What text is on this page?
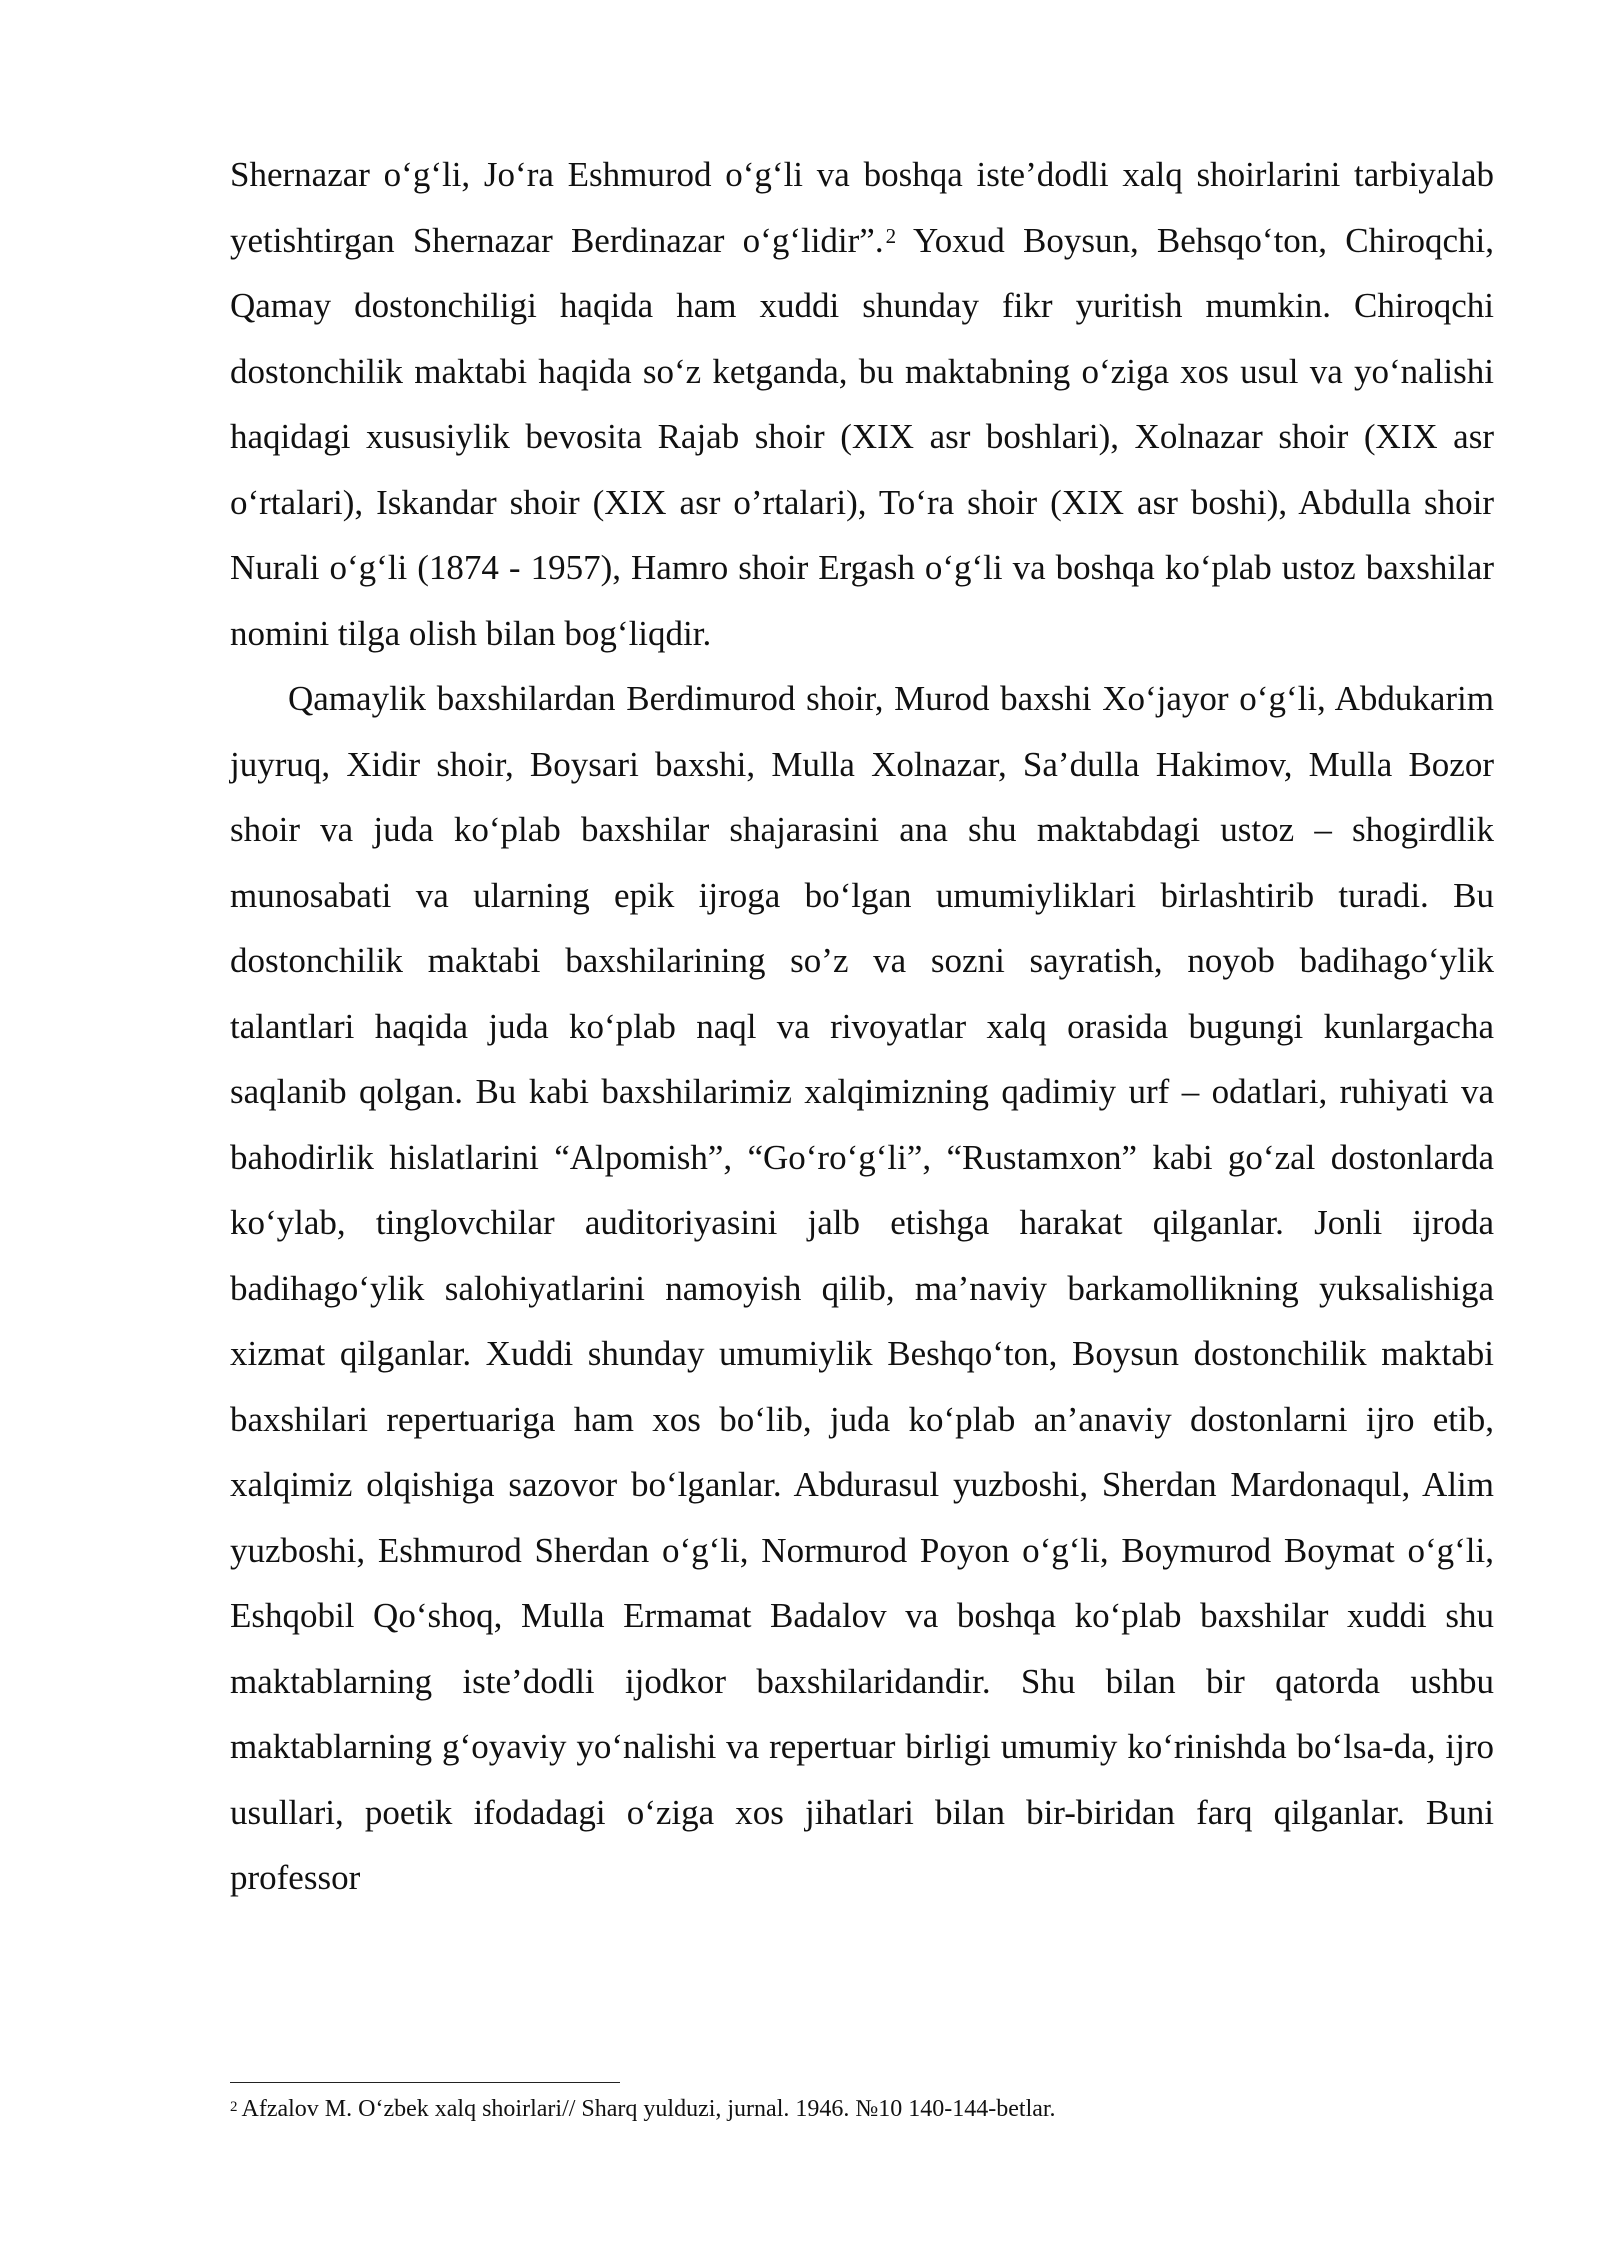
Shernazar o‘g‘li, Jo‘ra Eshmurod o‘g‘li va boshqa iste’dodli xalq shoirlarini tarbiyalab yetishtirgan Shernazar Berdinazar o‘g‘lidir”.$^2$ Yoxud Boysun, Behsqo‘ton, Chiroqchi, Qamay dostonchiligi haqida ham xuddi shunday fikr yuritish mumkin. Chiroqchi dostonchilik maktabi haqida so‘z ketganda, bu maktabning o‘ziga xos usul va yo‘nalishi haqidagi xususiylik bevosita Rajab shoir (XIX asr boshlari), Xolnazar shoir (XIX asr o‘rtalari), Iskandar shoir (XIX asr o’rtalari), To‘ra shoir (XIX asr boshi), Abdulla shoir Nurali o‘g‘li (1874 - 1957), Hamro shoir Ergash o‘g‘li va boshqa ko‘plab ustoz baxshilar nomini tilga olish bilan bog‘liqdir.

Qamaylik baxshilardan Berdimurod shoir, Murod baxshi Xo‘jayor o‘g‘li, Abdukarim juyruq, Xidir shoir, Boysari baxshi, Mulla Xolnazar, Sa’dulla Hakimov, Mulla Bozor shoir va juda ko‘plab baxshilar shajarasini ana shu maktabdagi ustoz – shogirdlik munosabati va ularning epik ijroga bo‘lgan umumiyliklari birlashtirib turadi. Bu dostonchilik maktabi baxshilarining so’z va sozni sayratish, noyob badihago‘ylik talantlari haqida juda ko‘plab naql va rivoyatlar xalq orasida bugungi kunlargacha saqlanib qolgan. Bu kabi baxshilarimiz xalqimizning qadimiy urf – odatlari, ruhiyati va bahodirlik hislatlarini “Alpomish”, “Go‘ro‘g‘li”, “Rustamxon” kabi go‘zal dostonlarda ko‘ylab, tinglovchilar auditoriyasini jalb etishga harakat qilganlar. Jonli ijroda badihago‘ylik salohiyatlarini namoyish qilib, ma’naviy barkamollikning yuksalishiga xizmat qilganlar. Xuddi shunday umumiylik Beshqo‘ton, Boysun dostonchilik maktabi baxshilari repertuariga ham xos bo‘lib, juda ko‘plab an’anaviy dostonlarni ijro etib, xalqimiz olqishiga sazovor bo‘lganlar. Abdurasul yuzboshi, Sherdan Mardonaqul, Alim yuzboshi, Eshmurod Sherdan o‘g‘li, Normurod Poyon o‘g‘li, Boymurod Boymat o‘g‘li, Eshqobil Qo‘shoq, Mulla Ermamat Badalov va boshqa ko‘plab baxshilar xuddi shu maktablarning iste’dodli ijodkor baxshilaridandir. Shu bilan bir qatorda ushbu maktablarning g‘oyaviy yo‘nalishi va repertuar birligi umumiy ko‘rinishda bo‘lsa-da, ijro usullari, poetik ifodadagi o‘ziga xos jihatlari bilan bir-biridan farq qilganlar. Buni professor

$^2$ Afzalov M. O‘zbek xalq shoirlari// Sharq yulduzi, jurnal. 1946. №10 140-144-betlar.
